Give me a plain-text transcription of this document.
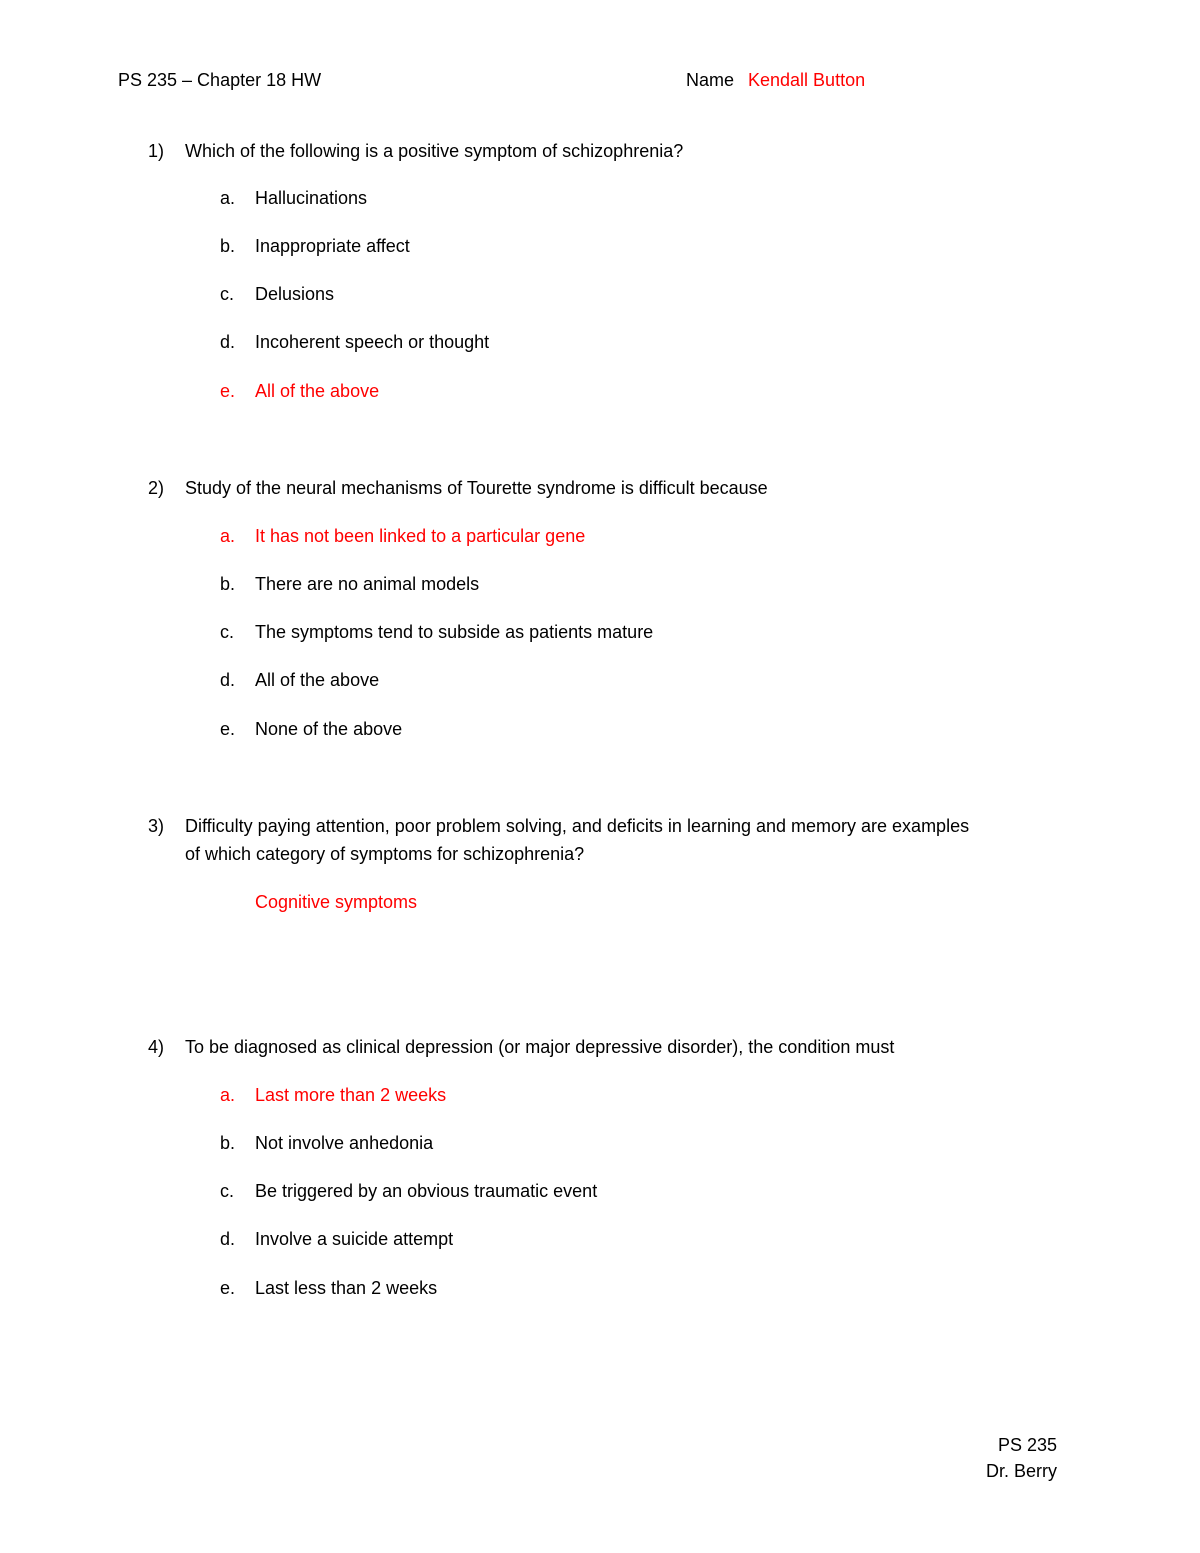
PS 235 – Chapter 18 HW	Name Kendall Button
1) Which of the following is a positive symptom of schizophrenia?
a. Hallucinations
b. Inappropriate affect
c. Delusions
d. Incoherent speech or thought
e. All of the above
2) Study of the neural mechanisms of Tourette syndrome is difficult because
a. It has not been linked to a particular gene
b. There are no animal models
c. The symptoms tend to subside as patients mature
d. All of the above
e. None of the above
3) Difficulty paying attention, poor problem solving, and deficits in learning and memory are examples
of which category of symptoms for schizophrenia?
Cognitive symptoms
4) To be diagnosed as clinical depression (or major depressive disorder), the condition must
a. Last more than 2 weeks
b. Not involve anhedonia
c. Be triggered by an obvious traumatic event
d. Involve a suicide attempt
e. Last less than 2 weeks
PS 235
Dr. Berry
